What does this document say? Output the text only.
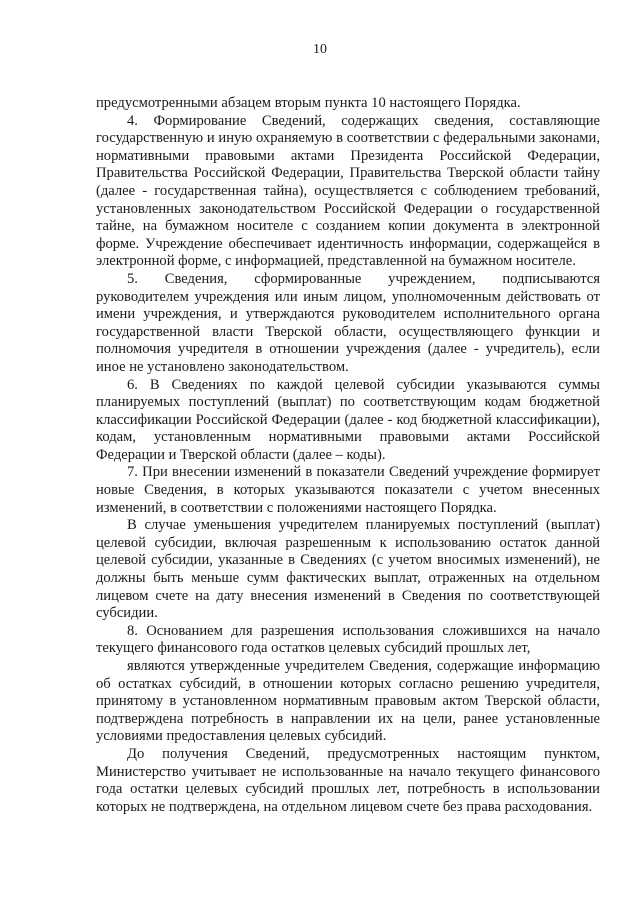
10

предусмотренными абзацем вторым пункта 10 настоящего Порядка.

4. Формирование Сведений, содержащих сведения, составляющие государственную и иную охраняемую в соответствии с федеральными законами, нормативными правовыми актами Президента Российской Федерации, Правительства Российской Федерации, Правительства Тверской области тайну (далее - государственная тайна), осуществляется с соблюдением требований, установленных законодательством Российской Федерации о государственной тайне, на бумажном носителе с созданием копии документа в электронной форме. Учреждение обеспечивает идентичность информации, содержащейся в электронной форме, с информацией, представленной на бумажном носителе.

5. Сведения, сформированные учреждением, подписываются руководителем учреждения или иным лицом, уполномоченным действовать от имени учреждения, и утверждаются руководителем исполнительного органа государственной власти Тверской области, осуществляющего функции и полномочия учредителя в отношении учреждения (далее - учредитель), если иное не установлено законодательством.

6. В Сведениях по каждой целевой субсидии указываются суммы планируемых поступлений (выплат) по соответствующим кодам бюджетной классификации Российской Федерации (далее - код бюджетной классификации), кодам, установленным нормативными правовыми актами Российской Федерации и Тверской области (далее – коды).

7. При внесении изменений в показатели Сведений учреждение формирует новые Сведения, в которых указываются показатели с учетом внесенных изменений, в соответствии с положениями настоящего Порядка.

В случае уменьшения учредителем планируемых поступлений (выплат) целевой субсидии, включая разрешенным к использованию остаток данной целевой субсидии, указанные в Сведениях (с учетом вносимых изменений), не должны быть меньше сумм фактических выплат, отраженных на отдельном лицевом счете на дату внесения изменений в Сведения по соответствующей субсидии.

8. Основанием для разрешения использования сложившихся на начало текущего финансового года остатков целевых субсидий прошлых лет,

являются утвержденные учредителем Сведения, содержащие информацию об остатках субсидий, в отношении которых согласно решению учредителя, принятому в установленном нормативным правовым актом Тверской области, подтверждена потребность в направлении их на цели, ранее установленные условиями предоставления целевых субсидий.

До получения Сведений, предусмотренных настоящим пунктом, Министерство учитывает не использованные на начало текущего финансового года остатки целевых субсидий прошлых лет, потребность в использовании которых не подтверждена, на отдельном лицевом счете без права расходования.
